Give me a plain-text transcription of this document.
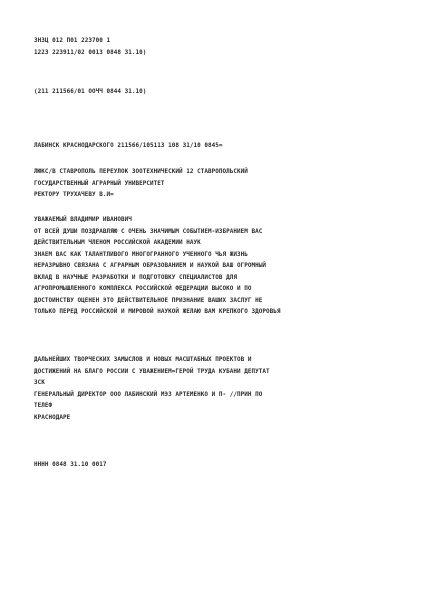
ЗНЗЦ 012 П01 223700 1
1223 223911/02 0013 0848 31.10)
(211 211566/01 ООЧЧ 0844 31.10)
ЛАБИНСК КРАСНОДАРСКОГО 211566/105113 108 31/10 0845=
ЛЮКС/В СТАВРОПОЛЬ ПЕРЕУЛОК ЗООТЕХНИЧЕСКИЙ 12 СТАВРОПОЛЬСКИЙ
ГОСУДАРСТВЕННЫЙ АГРАРНЫЙ УНИВЕРСИТЕТ
РЕКТОРУ ТРУХАЧЕВУ В.И=
УВАЖАЕМЫЙ ВЛАДИМИР ИВАНОВИЧ
ОТ ВСЕЙ ДУШИ ПОЗДРАВЛЯЮ С ОЧЕНЬ ЗНАЧИМЫМ СОБЫТИЕМ-ИЗБРАНИЕМ ВАС
ДЕЙСТВИТЕЛЬНЫМ ЧЛЕНОМ РОССИЙСКОЙ АКАДЕМИИ НАУК
ЗНАЕМ ВАС КАК ТАЛАНТЛИВОГО МНОГОГРАННОГО УЧЕННОГО ЧЬЯ ЖИЗНЬ
НЕРАЗРЫВНО СВЯЗАНА С АГРАРНЫМ ОБРАЗОВАНИЕМ И НАУКОЙ ВАШ ОГРОМНЫЙ
ВКЛАД В НАУЧНЫЕ РАЗРАБОТКИ И ПОДГОТОВКУ СПЕЦИАЛИСТОВ ДЛЯ
АГРОПРОМЫШЛЕННОГО КОМПЛЕКСА РОССИЙСКОЙ ФЕДЕРАЦИИ ВЫСОКО И ПО
ДОСТОИНСТВУ ОЦЕНЕН ЭТО ДЕЙСТВИТЕЛЬНОЕ ПРИЗНАНИЕ ВАШИХ ЗАСЛУГ НЕ
ТОЛЬКО ПЕРЕД РОССИЙСКОЙ И МИРОВОЙ НАУКОЙ ЖЕЛАЮ ВАМ КРЕПКОГО ЗДОРОВЬЯ
ДАЛЬНЕЙШИХ ТВОРЧЕСКИХ ЗАМЫСЛОВ И НОВЫХ МАСШТАБНЫХ ПРОЕКТОВ И
ДОСТИЖЕНИЙ НА БЛАГО РОССИИ С УВАЖЕНИЕМ=ГЕРОЙ ТРУДА КУБАНИ ДЕПУТАТ
ЗСК
ГЕНЕРАЛЬНЫЙ ДИРЕКТОР ООО ЛАБИНСКИЙ МЭЗ АРТЕМЕНКО И П- //ПРИН ПО
ТЕЛЕФ
КРАСНОДАРЕ
НННН 0848 31.10 0017
